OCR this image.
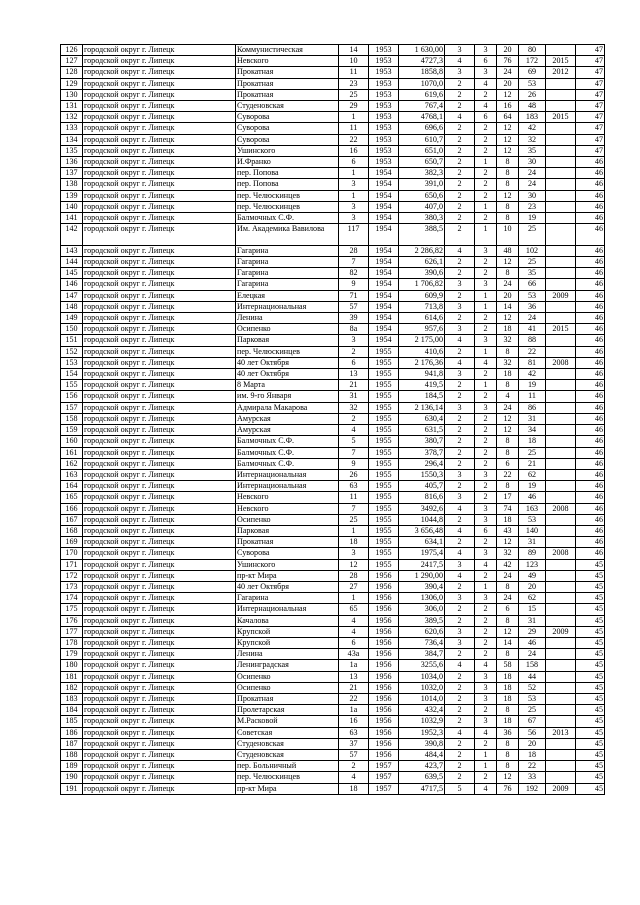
126	городской округ г. Липецк	Коммунистическая	14	1953	1 630,00	3	3	20	80		47
127	городской округ г. Липецк	Невского	10	1953	4727,3	4	6	76	172	2015	47
128	городской округ г. Липецк	Прокатная	11	1953	1858,8	3	3	24	69	2012	47
129	городской округ г. Липецк	Прокатная	23	1953	1070,0	2	4	20	53		47
130	городской округ г. Липецк	Прокатная	25	1953	619,6	2	2	12	26		47
131	городской округ г. Липецк	Студеновская	29	1953	767,4	2	4	16	48		47
132	городской округ г. Липецк	Суворова	1	1953	4768,1	4	6	64	183	2015	47
133	городской округ г. Липецк	Суворова	11	1953	696,6	2	2	12	42		47
134	городской округ г. Липецк	Суворова	22	1953	610,7	2	2	12	32		47
135	городской округ г. Липецк	Ушинского	16	1953	651,0	2	2	12	35		47
136	городской округ г. Липецк	И.Франко	6	1953	650,7	2	1	8	30		46
137	городской округ г. Липецк	пер. Попова	1	1954	382,3	2	2	8	24		46
138	городской округ г. Липецк	пер. Попова	3	1954	391,0	2	2	8	24		46
139	городской округ г. Липецк	пер. Челюскинцев	1	1954	650,6	2	2	12	30		46
140	городской округ г. Липецк	пер. Челюскинцев	3	1954	407,0	2	1	8	23		46
141	городской округ г. Липецк	Балмочных С.Ф.	3	1954	380,3	2	2	8	19		46
142	городской округ г. Липецк	Им. Академика Вавилова	117	1954	388,5	2	1	10	25		46
143	городской округ г. Липецк	Гагарина	28	1954	2 286,82	4	3	48	102		46
144	городской округ г. Липецк	Гагарина	7	1954	626,1	2	2	12	25		46
145	городской округ г. Липецк	Гагарина	82	1954	390,6	2	2	8	35		46
146	городской округ г. Липецк	Гагарина	9	1954	1 706,82	3	3	24	66		46
147	городской округ г. Липецк	Елецкая	71	1954	609,9	2	1	20	53	2009	46
148	городской округ г. Липецк	Интернациональная	57	1954	713,8	3	1	14	36		46
149	городской округ г. Липецк	Ленина	39	1954	614,6	2	2	12	24		46
150	городской округ г. Липецк	Осипенко	8а	1954	957,6	3	2	18	41	2015	46
151	городской округ г. Липецк	Парковая	3	1954	2 175,00	4	3	32	88		46
152	городской округ г. Липецк	пер. Челюскинцев	2	1955	410,6	2	1	8	22		46
153	городской округ г. Липецк	40 лет Октября	6	1955	2 176,36	4	4	32	81	2008	46
154	городской округ г. Липецк	40 лет Октября	13	1955	941,8	3	2	18	42		46
155	городской округ г. Липецк	8 Марта	21	1955	419,5	2	1	8	19		46
156	городской округ г. Липецк	им. 9-го Января	31	1955	184,5	2	2	4	11		46
157	городской округ г. Липецк	Адмирала Макарова	32	1955	2 136,14	3	3	24	86		46
158	городской округ г. Липецк	Амурская	2	1955	630,4	2	2	12	31		46
159	городской округ г. Липецк	Амурская	4	1955	631,5	2	2	12	34		46
160	городской округ г. Липецк	Балмочных С.Ф.	5	1955	380,7	2	2	8	18		46
161	городской округ г. Липецк	Балмочных С.Ф.	7	1955	378,7	2	2	8	25		46
162	городской округ г. Липецк	Балмочных С.Ф.	9	1955	296,4	2	2	6	21		46
163	городской округ г. Липецк	Интернациональная	26	1955	1550,3	3	3	22	62		46
164	городской округ г. Липецк	Интернациональная	63	1955	405,7	2	2	8	19		46
165	городской округ г. Липецк	Невского	11	1955	816,6	3	2	17	46		46
166	городской округ г. Липецк	Невского	7	1955	3492,6	4	3	74	163	2008	46
167	городской округ г. Липецк	Осипенко	25	1955	1044,8	2	3	18	53		46
168	городской округ г. Липецк	Парковая	1	1955	3 656,48	4	6	43	140		46
169	городской округ г. Липецк	Прокатная	18	1955	634,1	2	2	12	31		46
170	городской округ г. Липецк	Суворова	3	1955	1975,4	4	3	32	89	2008	46
171	городской округ г. Липецк	Ушинского	12	1955	2417,5	3	4	42	123		45
172	городской округ г. Липецк	пр-кт Мира	28	1956	1 290,00	4	2	24	49		45
173	городской округ г. Липецк	40 лет Октября	27	1956	390,4	2	1	8	20		45
174	городской округ г. Липецк	Гагарина	1	1956	1306,0	3	3	24	62		45
175	городской округ г. Липецк	Интернациональная	65	1956	306,0	2	2	6	15		45
176	городской округ г. Липецк	Качалова	4	1956	389,5	2	2	8	31		45
177	городской округ г. Липецк	Крупской	4	1956	620,6	3	2	12	29	2009	45
178	городской округ г. Липецк	Крупской	6	1956	736,4	3	2	14	46		45
179	городской округ г. Липецк	Ленина	43а	1956	384,7	2	2	8	24		45
180	городской округ г. Липецк	Ленинградская	1а	1956	3255,6	4	4	58	158		45
181	городской округ г. Липецк	Осипенко	13	1956	1034,0	2	3	18	44		45
182	городской округ г. Липецк	Осипенко	21	1956	1032,0	2	3	18	52		45
183	городской округ г. Липецк	Прокатная	22	1956	1014,0	2	3	18	53		45
184	городской округ г. Липецк	Пролетарская	1а	1956	432,4	2	2	8	25		45
185	городской округ г. Липецк	М.Расковой	16	1956	1032,9	2	3	18	67		45
186	городской округ г. Липецк	Советская	63	1956	1952,3	4	4	36	56	2013	45
187	городской округ г. Липецк	Студеновская	37	1956	390,8	2	2	8	20		45
188	городской округ г. Липецк	Студеновская	57	1956	484,4	2	1	8	18		45
189	городской округ г. Липецк	пер. Больничный	2	1957	423,7	2	1	8	22		45
190	городской округ г. Липецк	пер. Челюскинцев	4	1957	639,5	2	2	12	33		45
191	городской округ г. Липецк	пр-кт Мира	18	1957	4717,5	5	4	76	192	2009	45
